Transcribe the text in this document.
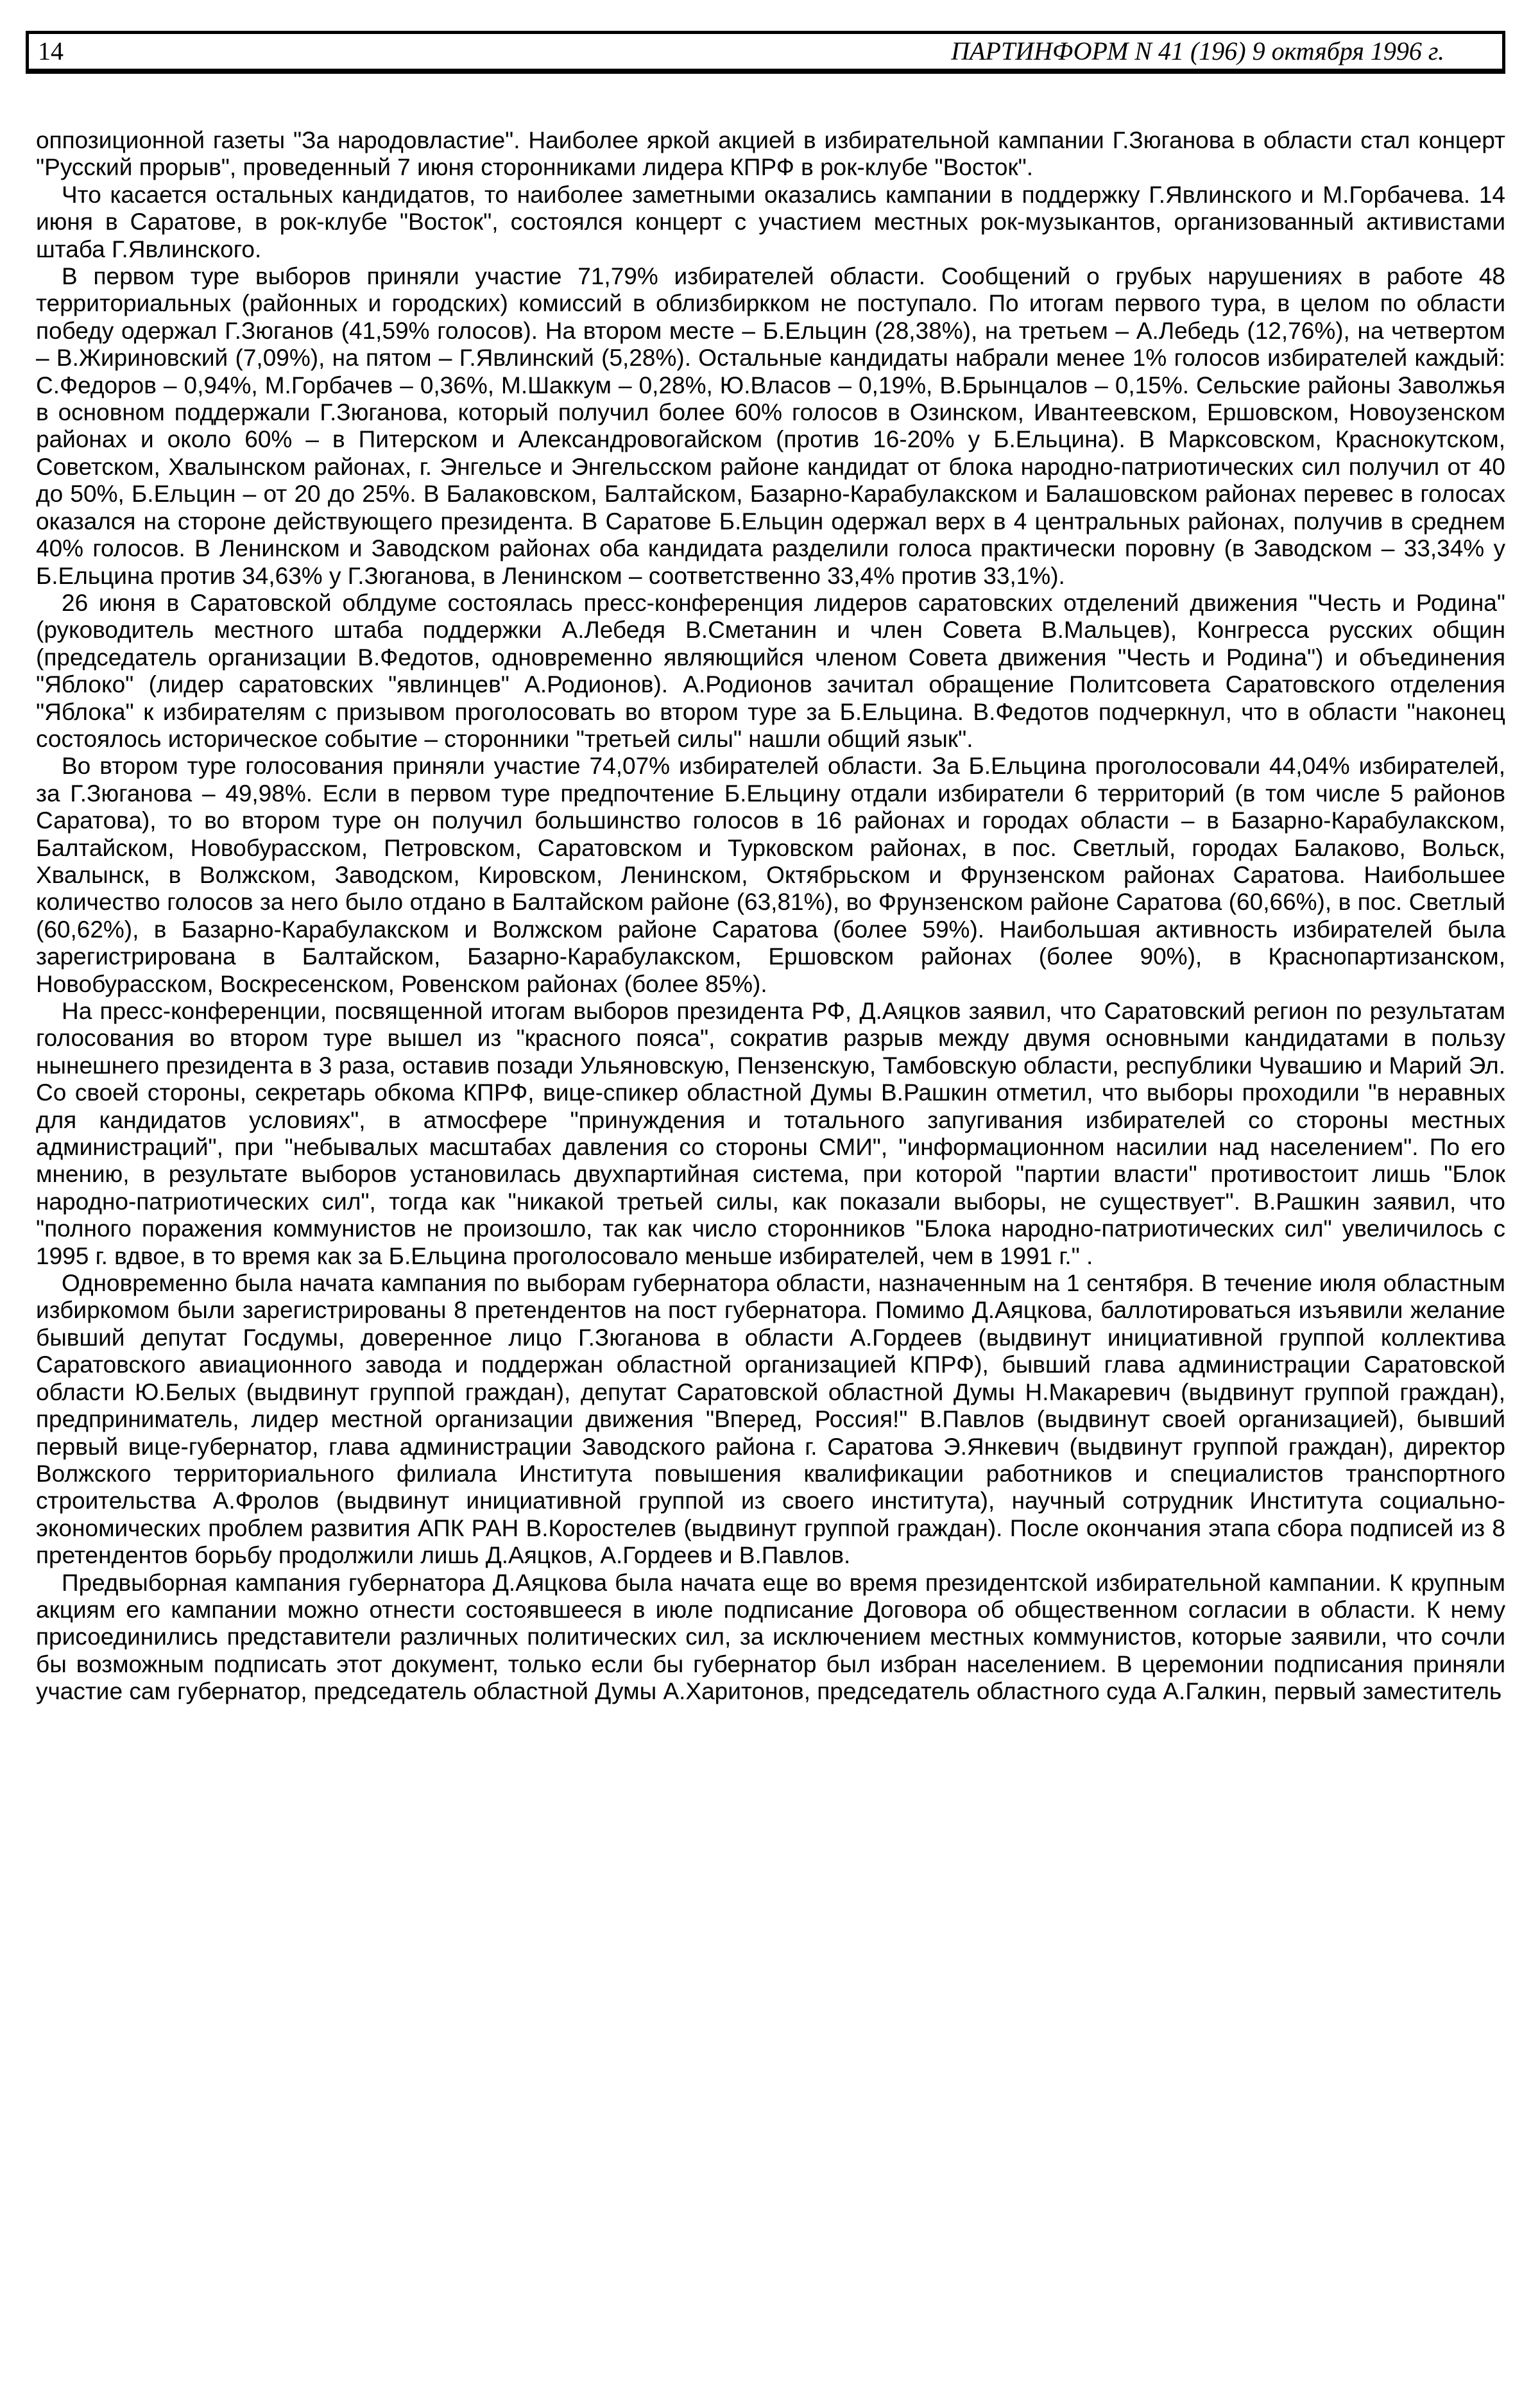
14	ПАРТИНФОРМ N 41 (196) 9 октября 1996 г.

оппозиционной газеты "За народовластие". Наиболее яркой акцией в избирательной кампании Г.Зюганова в области стал концерт "Русский прорыв", проведенный 7 июня сторонниками лидера КПРФ в рок-клубе "Восток".

Что касается остальных кандидатов, то наиболее заметными оказались кампании в поддержку Г.Явлинского и М.Горбачева. 14 июня в Саратове, в рок-клубе "Восток", состоялся концерт с участием местных рок-музыкантов, организованный активистами штаба Г.Явлинского.

В первом туре выборов приняли участие 71,79% избирателей области. Сообщений о грубых нарушениях в работе 48 территориальных (районных и городских) комиссий в облизбиркком не поступало. По итогам первого тура, в целом по области победу одержал Г.Зюганов (41,59% голосов). На втором месте – Б.Ельцин (28,38%), на третьем – А.Лебедь (12,76%), на четвертом – В.Жириновский (7,09%), на пятом – Г.Явлинский (5,28%). Остальные кандидаты набрали менее 1% голосов избирателей каждый: С.Федоров – 0,94%, М.Горбачев – 0,36%, М.Шаккум – 0,28%, Ю.Власов – 0,19%, В.Брынцалов – 0,15%. Сельские районы Заволжья в основном поддержали Г.Зюганова, который получил более 60% голосов в Озинском, Ивантеевском, Ершовском, Новоузенском районах и около 60% – в Питерском и Александровогайском (против 16-20% у Б.Ельцина). В Марксовском, Краснокутском, Советском, Хвалынском районах, г. Энгельсе и Энгельсском районе кандидат от блока народно-патриотических сил получил от 40 до 50%, Б.Ельцин – от 20 до 25%. В Балаковском, Балтайском, Базарно-Карабулакском и Балашовском районах перевес в голосах оказался на стороне действующего президента. В Саратове Б.Ельцин одержал верх в 4 центральных районах, получив в среднем 40% голосов. В Ленинском и Заводском районах оба кандидата разделили голоса практически поровну (в Заводском – 33,34% у Б.Ельцина против 34,63% у Г.Зюганова, в Ленинском – соответственно 33,4% против 33,1%).

26 июня в Саратовской облдуме состоялась пресс-конференция лидеров саратовских отделений движения "Честь и Родина" (руководитель местного штаба поддержки А.Лебедя В.Сметанин и член Совета В.Мальцев), Конгресса русских общин (председатель организации В.Федотов, одновременно являющийся членом Совета движения "Честь и Родина") и объединения "Яблоко" (лидер саратовских "явлинцев" А.Родионов). А.Родионов зачитал обращение Политсовета Саратовского отделения "Яблока" к избирателям с призывом проголосовать во втором туре за Б.Ельцина. В.Федотов подчеркнул, что в области "наконец состоялось историческое событие – сторонники "третьей силы" нашли общий язык".

Во втором туре голосования приняли участие 74,07% избирателей области. За Б.Ельцина проголосовали 44,04% избирателей, за Г.Зюганова – 49,98%. Если в первом туре предпочтение Б.Ельцину отдали избиратели 6 территорий (в том числе 5 районов Саратова), то во втором туре он получил большинство голосов в 16 районах и городах области – в Базарно-Карабулакском, Балтайском, Новобурасском, Петровском, Саратовском и Турковском районах, в пос. Светлый, городах Балаково, Вольск, Хвалынск, в Волжском, Заводском, Кировском, Ленинском, Октябрьском и Фрунзенском районах Саратова. Наибольшее количество голосов за него было отдано в Балтайском районе (63,81%), во Фрунзенском районе Саратова (60,66%), в пос. Светлый (60,62%), в Базарно-Карабулакском и Волжском районе Саратова (более 59%). Наибольшая активность избирателей была зарегистрирована в Балтайском, Базарно-Карабулакском, Ершовском районах (более 90%), в Краснопартизанском, Новобурасском, Воскресенском, Ровенском районах (более 85%).

На пресс-конференции, посвященной итогам выборов президента РФ, Д.Аяцков заявил, что Саратовский регион по результатам голосования во втором туре вышел из "красного пояса", сократив разрыв между двумя основными кандидатами в пользу нынешнего президента в 3 раза, оставив позади Ульяновскую, Пензенскую, Тамбовскую области, республики Чувашию и Марий Эл. Со своей стороны, секретарь обкома КПРФ, вице-спикер областной Думы В.Рашкин отметил, что выборы проходили "в неравных для кандидатов условиях", в атмосфере "принуждения и тотального запугивания избирателей со стороны местных администраций", при "небывалых масштабах давления со стороны СМИ", "информационном насилии над населением". По его мнению, в результате выборов установилась двухпартийная система, при которой "партии власти" противостоит лишь "Блок народно-патриотических сил", тогда как "никакой третьей силы, как показали выборы, не существует". В.Рашкин заявил, что "полного поражения коммунистов не произошло, так как число сторонников "Блока народно-патриотических сил" увеличилось с 1995 г. вдвое, в то время как за Б.Ельцина проголосовало меньше избирателей, чем в 1991 г." .

Одновременно была начата кампания по выборам губернатора области, назначенным на 1 сентября. В течение июля областным избиркомом были зарегистрированы 8 претендентов на пост губернатора. Помимо Д.Аяцкова, баллотироваться изъявили желание бывший депутат Госдумы, доверенное лицо Г.Зюганова в области А.Гордеев (выдвинут инициативной группой коллектива Саратовского авиационного завода и поддержан областной организацией КПРФ), бывший глава администрации Саратовской области Ю.Белых (выдвинут группой граждан), депутат Саратовской областной Думы Н.Макаревич (выдвинут группой граждан), предприниматель, лидер местной организации движения "Вперед, Россия!" В.Павлов (выдвинут своей организацией), бывший первый вице-губернатор, глава администрации Заводского района г. Саратова Э.Янкевич (выдвинут группой граждан), директор Волжского территориального филиала Института повышения квалификации работников и специалистов транспортного строительства А.Фролов (выдвинут инициативной группой из своего института), научный сотрудник Института социально-экономических проблем развития АПК РАН В.Коростелев (выдвинут группой граждан). После окончания этапа сбора подписей из 8 претендентов борьбу продолжили лишь Д.Аяцков, А.Гордеев и В.Павлов.

Предвыборная кампания губернатора Д.Аяцкова была начата еще во время президентской избирательной кампании. К крупным акциям его кампании можно отнести состоявшееся в июле подписание Договора об общественном согласии в области. К нему присоединились представители различных политических сил, за исключением местных коммунистов, которые заявили, что сочли бы возможным подписать этот документ, только если бы губернатор был избран населением. В церемонии подписания приняли участие сам губернатор, председатель областной Думы А.Харитонов, председатель областного суда А.Галкин, первый заместитель
